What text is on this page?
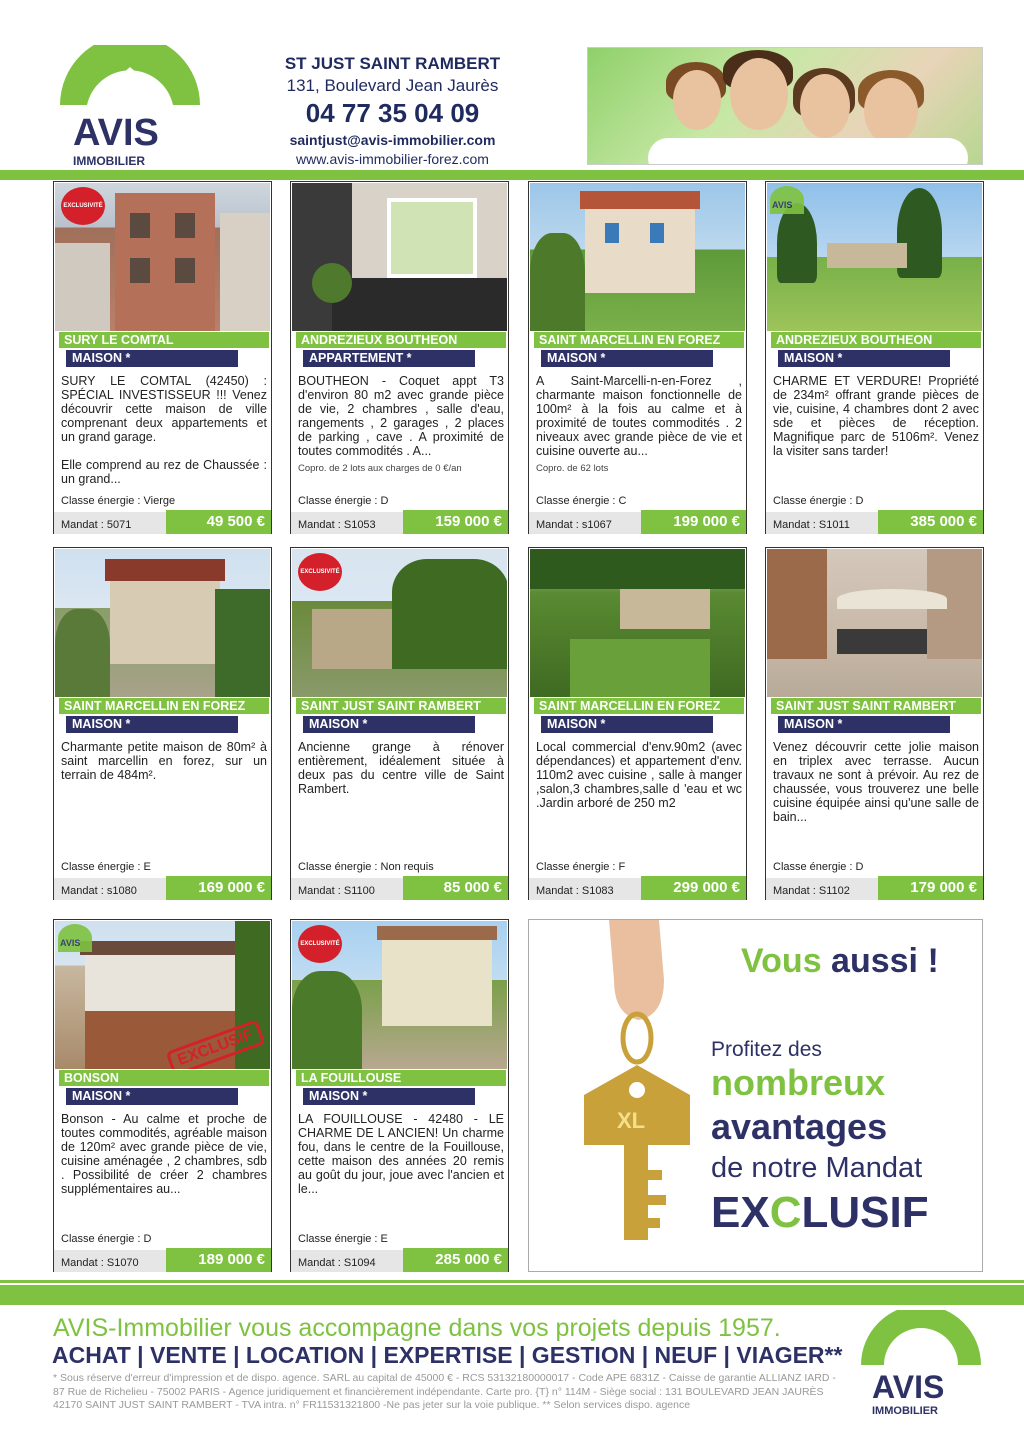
AVIS
IMMOBILIER
ST JUST SAINT RAMBERT
131, Boulevard Jean Jaurès
04 77 35 04 09
saintjust@avis-immobilier.com
www.avis-immobilier-forez.com
EXCLUSIVITÉ
SURY LE COMTAL
MAISON *
SURY LE COMTAL (42450) : SPÉCIAL INVESTISSEUR !!! Venez découvrir cette maison de ville comprenant deux appartements et un grand garage.

Elle comprend au rez de Chaussée : un grand...
Classe énergie : Vierge
Mandat : 5071	49 500 €
ANDREZIEUX BOUTHEON
APPARTEMENT *
BOUTHEON - Coquet appt T3 d'environ 80 m2 avec grande pièce de vie, 2 chambres , salle d'eau, rangements , 2 garages , 2 places de parking , cave . A proximité de toutes commodités . A...
Copro. de 2 lots aux charges de 0 €/an
Classe énergie : D
Mandat : S1053	159 000 €
SAINT MARCELLIN EN FOREZ
MAISON *
A Saint-Marcelli-n-en-Forez , charmante maison fonctionnelle de 100m² à la fois au calme et à proximité de toutes commodités . 2 niveaux avec grande pièce de vie et cuisine ouverte au...
Copro. de 62 lots
Classe énergie : C
Mandat : s1067	199 000 €
AVIS
ANDREZIEUX BOUTHEON
MAISON *
CHARME ET VERDURE! Propriété de 234m² offrant grande pièces de vie, cuisine, 4 chambres dont 2 avec sde et pièces de réception. Magnifique parc de 5106m². Venez la visiter sans tarder!
Classe énergie : D
Mandat : S1011	385 000 €
SAINT MARCELLIN EN FOREZ
MAISON *
Charmante petite maison de 80m² à saint marcellin en forez, sur un terrain de 484m².
Classe énergie : E
Mandat : s1080	169 000 €
EXCLUSIVITÉ
SAINT JUST SAINT RAMBERT
MAISON *
Ancienne grange à rénover entièrement, idéalement située à deux pas du centre ville de Saint Rambert.
Classe énergie : Non requis
Mandat : S1100	85 000 €
SAINT MARCELLIN EN FOREZ
MAISON *
Local commercial d'env.90m2 (avec dépendances) et appartement d'env. 110m2 avec cuisine , salle à manger ,salon,3 chambres,salle d 'eau et wc .Jardin arboré de 250 m2
Classe énergie : F
Mandat : S1083	299 000 €
SAINT JUST SAINT RAMBERT
MAISON *
Venez découvrir cette jolie maison en triplex avec terrasse. Aucun travaux ne sont à prévoir. Au rez de chaussée, vous trouverez une belle cuisine équipée ainsi qu'une salle de bain...
Classe énergie : D
Mandat : S1102	179 000 €
AVIS
EXCLUSIF
BONSON
MAISON *
Bonson - Au calme et proche de toutes commodités, agréable maison de 120m² avec grande pièce de vie, cuisine aménagée , 2 chambres, sdb . Possibilité de créer 2 chambres supplémentaires au...
Classe énergie : D
Mandat : S1070	189 000 €
EXCLUSIVITÉ
LA FOUILLOUSE
MAISON *
LA FOUILLOUSE - 42480 - LE CHARME DE L ANCIEN! Un charme fou, dans le centre de la Fouillouse, cette maison des années 20 remis au goût du jour, joue avec l'ancien et le...
Classe énergie : E
Mandat : S1094	285 000 €
XL
Vous aussi !
Profitez des
nombreux
avantages
de notre Mandat
EXCLUSIF
AVIS-Immobilier vous accompagne dans vos projets depuis 1957.
ACHAT | VENTE | LOCATION | EXPERTISE | GESTION | NEUF | VIAGER**
* Sous réserve d'erreur d'impression et de dispo. agence. SARL au capital de 45000 € - RCS 53132180000017 - Code APE 6831Z - Caisse de garantie ALLIANZ IARD - 87 Rue de Richelieu - 75002 PARIS - Agence juridiquement et financièrement indépendante. Carte pro. {T} n° 114M - Siège social : 131 BOULEVARD JEAN JAURÈS 42170 SAINT JUST SAINT RAMBERT - TVA intra. n° FR11531321800 -Ne pas jeter sur la voie publique. ** Selon services dispo. agence	AVIS
IMMOBILIER
